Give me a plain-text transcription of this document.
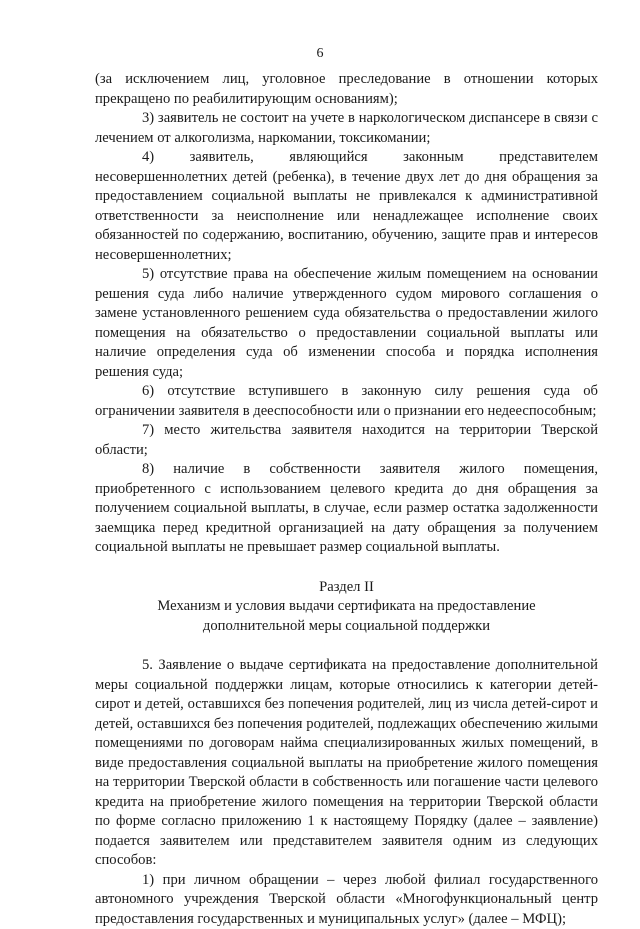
6

(за исключением лиц, уголовное преследование в отношении которых прекращено по реабилитирующим основаниям);

3) заявитель не состоит на учете в наркологическом диспансере в связи с лечением от алкоголизма, наркомании, токсикомании;

4) заявитель, являющийся законным представителем несовершеннолетних детей (ребенка), в течение двух лет до дня обращения за предоставлением социальной выплаты не привлекался к административной ответственности за неисполнение или ненадлежащее исполнение своих обязанностей по содержанию, воспитанию, обучению, защите прав и интересов несовершеннолетних;

5) отсутствие права на обеспечение жилым помещением на основании решения суда либо наличие утвержденного судом мирового соглашения о замене установленного решением суда обязательства о предоставлении жилого помещения на обязательство о предоставлении социальной выплаты или наличие определения суда об изменении способа и порядка исполнения решения суда;

6) отсутствие вступившего в законную силу решения суда об ограничении заявителя в дееспособности или о признании его недееспособным;

7) место жительства заявителя находится на территории Тверской области;

8) наличие в собственности заявителя жилого помещения, приобретенного с использованием целевого кредита до дня обращения за получением социальной выплаты, в случае, если размер остатка задолженности заемщика перед кредитной организацией на дату обращения за получением социальной выплаты не превышает размер социальной выплаты.

Раздел II

Механизм и условия выдачи сертификата на предоставление дополнительной меры социальной поддержки

5. Заявление о выдаче сертификата на предоставление дополнительной меры социальной поддержки лицам, которые относились к категории детей-сирот и детей, оставшихся без попечения родителей, лиц из числа детей-сирот и детей, оставшихся без попечения родителей, подлежащих обеспечению жилыми помещениями по договорам найма специализированных жилых помещений, в виде предоставления социальной выплаты на приобретение жилого помещения на территории Тверской области в собственность или погашение части целевого кредита на приобретение жилого помещения на территории Тверской области по форме согласно приложению 1 к настоящему Порядку (далее – заявление) подается заявителем или представителем заявителя одним из следующих способов:

1) при личном обращении – через любой филиал государственного автономного учреждения Тверской области «Многофункциональный центр предоставления государственных и муниципальных услуг» (далее – МФЦ);
